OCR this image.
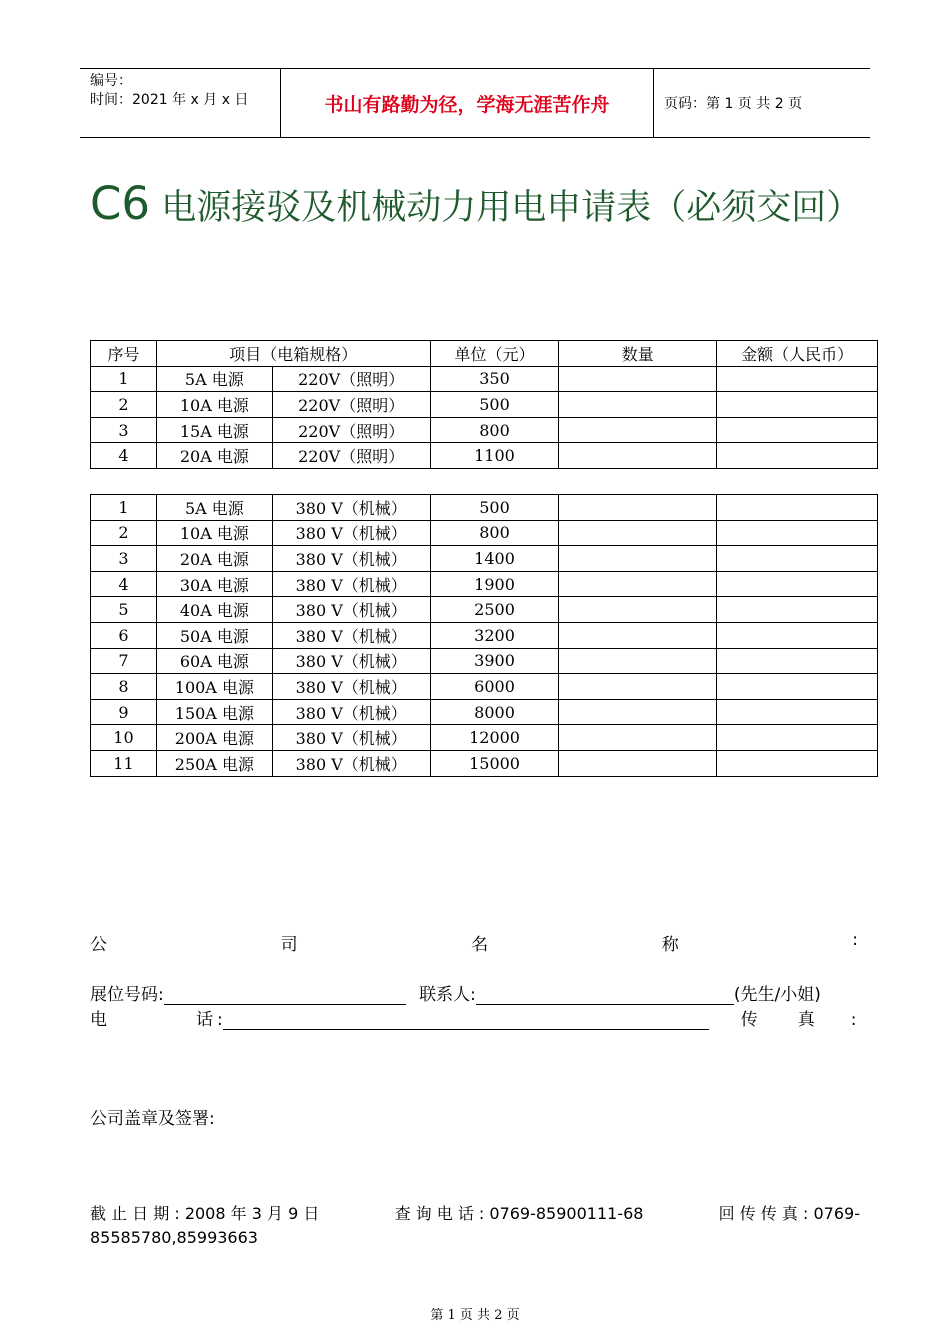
编号：
时间：2021 年 x 月 x 日	书山有路勤为径，学海无涯苦作舟	页码：第 1 页 共 2 页
C6 电源接驳及机械动力用电申请表（必须交回）
序号	项目（电箱规格）		单位（元）	数量	金额（人民币）
1	5A 电源	220V（照明）	350		
2	10A 电源	220V（照明）	500		
3	15A 电源	220V（照明）	800		
4	20A 电源	220V（照明）	1100		
1	5A 电源	380 V（机械）	500		
2	10A 电源	380 V（机械）	800		
3	20A 电源	380 V（机械）	1400		
4	30A 电源	380 V（机械）	1900		
5	40A 电源	380 V（机械）	2500		
6	50A 电源	380 V（机械）	3200		
7	60A 电源	380 V（机械）	3900		
8	100A 电源	380 V（机械）	6000		
9	150A 电源	380 V（机械）	8000		
10	200A 电源	380 V（机械）	12000		
11	250A 电源	380 V（机械）	15000		
公	司	名	称	:
展位号码:	联系人:	(先生/小姐)
电	话 :	传 真 :
公司盖章及签署:
截 止 日 期 : 2008 年 3 月 9 日	查 询 电 话 : 0769-85900111-68	回 传 传 真 : 0769-
85585780,85993663
第 1 页 共 2 页
